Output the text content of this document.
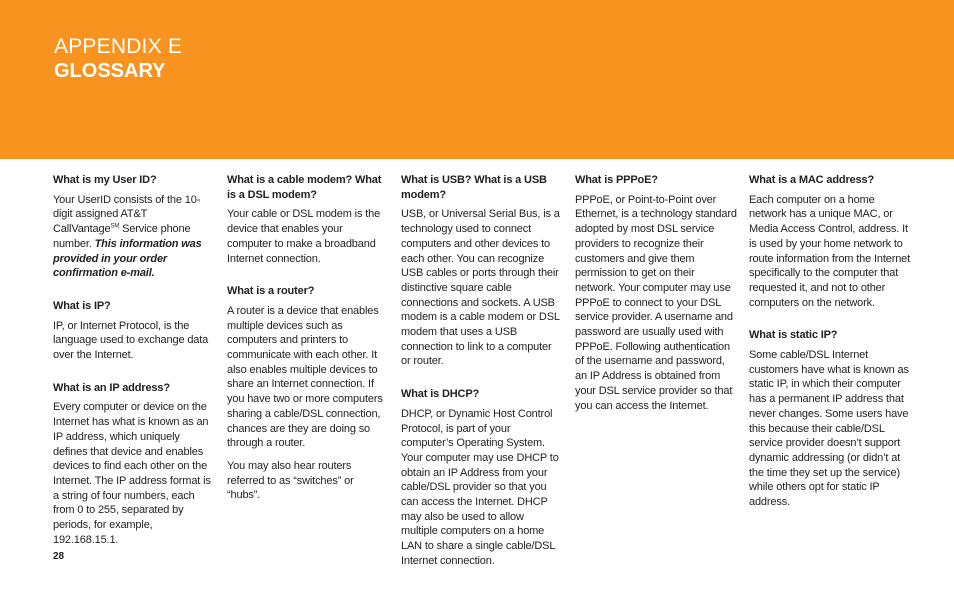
APPENDIX E
GLOSSARY

What is my User ID?

Your UserID consists of the 10-digit assigned AT&T CallVantage℠ Service phone number. This information was provided in your order confirmation e-mail.

What is IP?

IP, or Internet Protocol, is the language used to exchange data over the Internet.

What is an IP address?

Every computer or device on the Internet has what is known as an IP address, which uniquely defines that device and enables devices to find each other on the Internet. The IP address format is a string of four numbers, each from 0 to 255, separated by periods, for example, 192.168.15.1.

What is a cable modem? What is a DSL modem?

Your cable or DSL modem is the device that enables your computer to make a broadband Internet connection.

What is a router?

A router is a device that enables multiple devices such as computers and printers to communicate with each other. It also enables multiple devices to share an Internet connection. If you have two or more computers sharing a cable/DSL connection, chances are they are doing so through a router.

You may also hear routers referred to as “switches” or “hubs”.

What is USB? What is a USB modem?

USB, or Universal Serial Bus, is a technology used to connect computers and other devices to each other. You can recognize USB cables or ports through their distinctive square cable connections and sockets. A USB modem is a cable modem or DSL modem that uses a USB connection to link to a computer or router.

What is DHCP?

DHCP, or Dynamic Host Control Protocol, is part of your computer’s Operating System. Your computer may use DHCP to obtain an IP Address from your cable/DSL provider so that you can access the Internet. DHCP may also be used to allow multiple computers on a home LAN to share a single cable/DSL Internet connection.

What is PPPoE?

PPPoE, or Point-to-Point over Ethernet, is a technology standard adopted by most DSL service providers to recognize their customers and give them permission to get on their network. Your computer may use PPPoE to connect to your DSL service provider. A username and password are usually used with PPPoE. Following authentication of the username and password, an IP Address is obtained from your DSL service provider so that you can access the Internet.

What is a MAC address?

Each computer on a home network has a unique MAC, or Media Access Control, address. It is used by your home network to route information from the Internet specifically to the computer that requested it, and not to other computers on the network.

What is static IP?

Some cable/DSL Internet customers have what is known as static IP, in which their computer has a permanent IP address that never changes. Some users have this because their cable/DSL service provider doesn’t support dynamic addressing (or didn’t at the time they set up the service) while others opt for static IP address.

28
